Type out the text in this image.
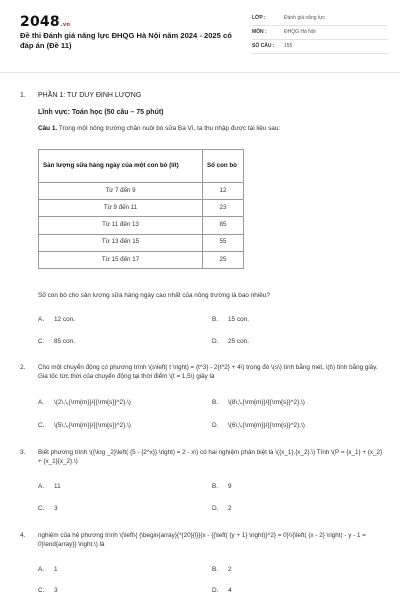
2048.vn
Đề thi Đánh giá năng lực ĐHQG Hà Nội năm 2024 - 2025 có đáp án (Đề 11)
LỚP :	Đánh giá năng lực
MÔN :	ĐHQG Hà Nội
SỐ CÂU :	155
1. PHẦN 1: TƯ DUY ĐỊNH LƯỢNG
Lĩnh vực: Toán học (50 câu – 75 phút)
Câu 1. Trong một nông trường chăn nuôi bò sữa Ba Vì, ta thu nhập được tài liệu sau:
Sản lượng sữa hàng ngày của một con bò (lít)	Số con bò
Từ 7 đến 9	12
Từ 9 đến 11	23
Từ 11 đến 13	85
Từ 13 đến 15	55
Từ 15 đến 17	25
Số con bò cho sản lượng sữa hàng ngày cao nhất của nông trường là bao nhiêu?
A. 12 con.	B. 15 con.
C. 85 con.	D. 25 con.
2. Cho một chuyển động có phương trình \(s\left( t \right) = {t^3} - 2{t^2} + 4\) trong đó \(s\) tính bằng mét, \(t\) tính bằng giây. Gia tốc tức thời của chuyển động tại thời điểm \(t = 1,5\) giây là
A. \(2\,\,{\rm{m}}/{{\rm{s}}^2}.\)	B. \(8\,\,{\rm{m}}/{{\rm{s}}^2}.\)
C. \(5\,\,{\rm{m}}/{{\rm{s}}^2}.\)	D. \(6\,\,{\rm{m}}/{{\rm{s}}^2}.\)
3. Biết phương trình \({\log _2}\left( {5 - {2^x}} \right) = 2 - x\) có hai nghiệm phân biệt là \({x_1},{x_2}.\) Tính \(P = {x_1} + {x_2} + {x_1}{x_2}.\)
A. 11	B. 9
C. 3	D. 2
4. nghiệm của hệ phương trình \(\left\{ {\begin{array}{*{20}{l}}{x - {{\left( {y + 1} \right)}^2} = 0}\\{\left( {x - 2} \right) - y - 1 = 0}\end{array}} \right.\) là
A. 1	B. 2
C. 3	D. 4
